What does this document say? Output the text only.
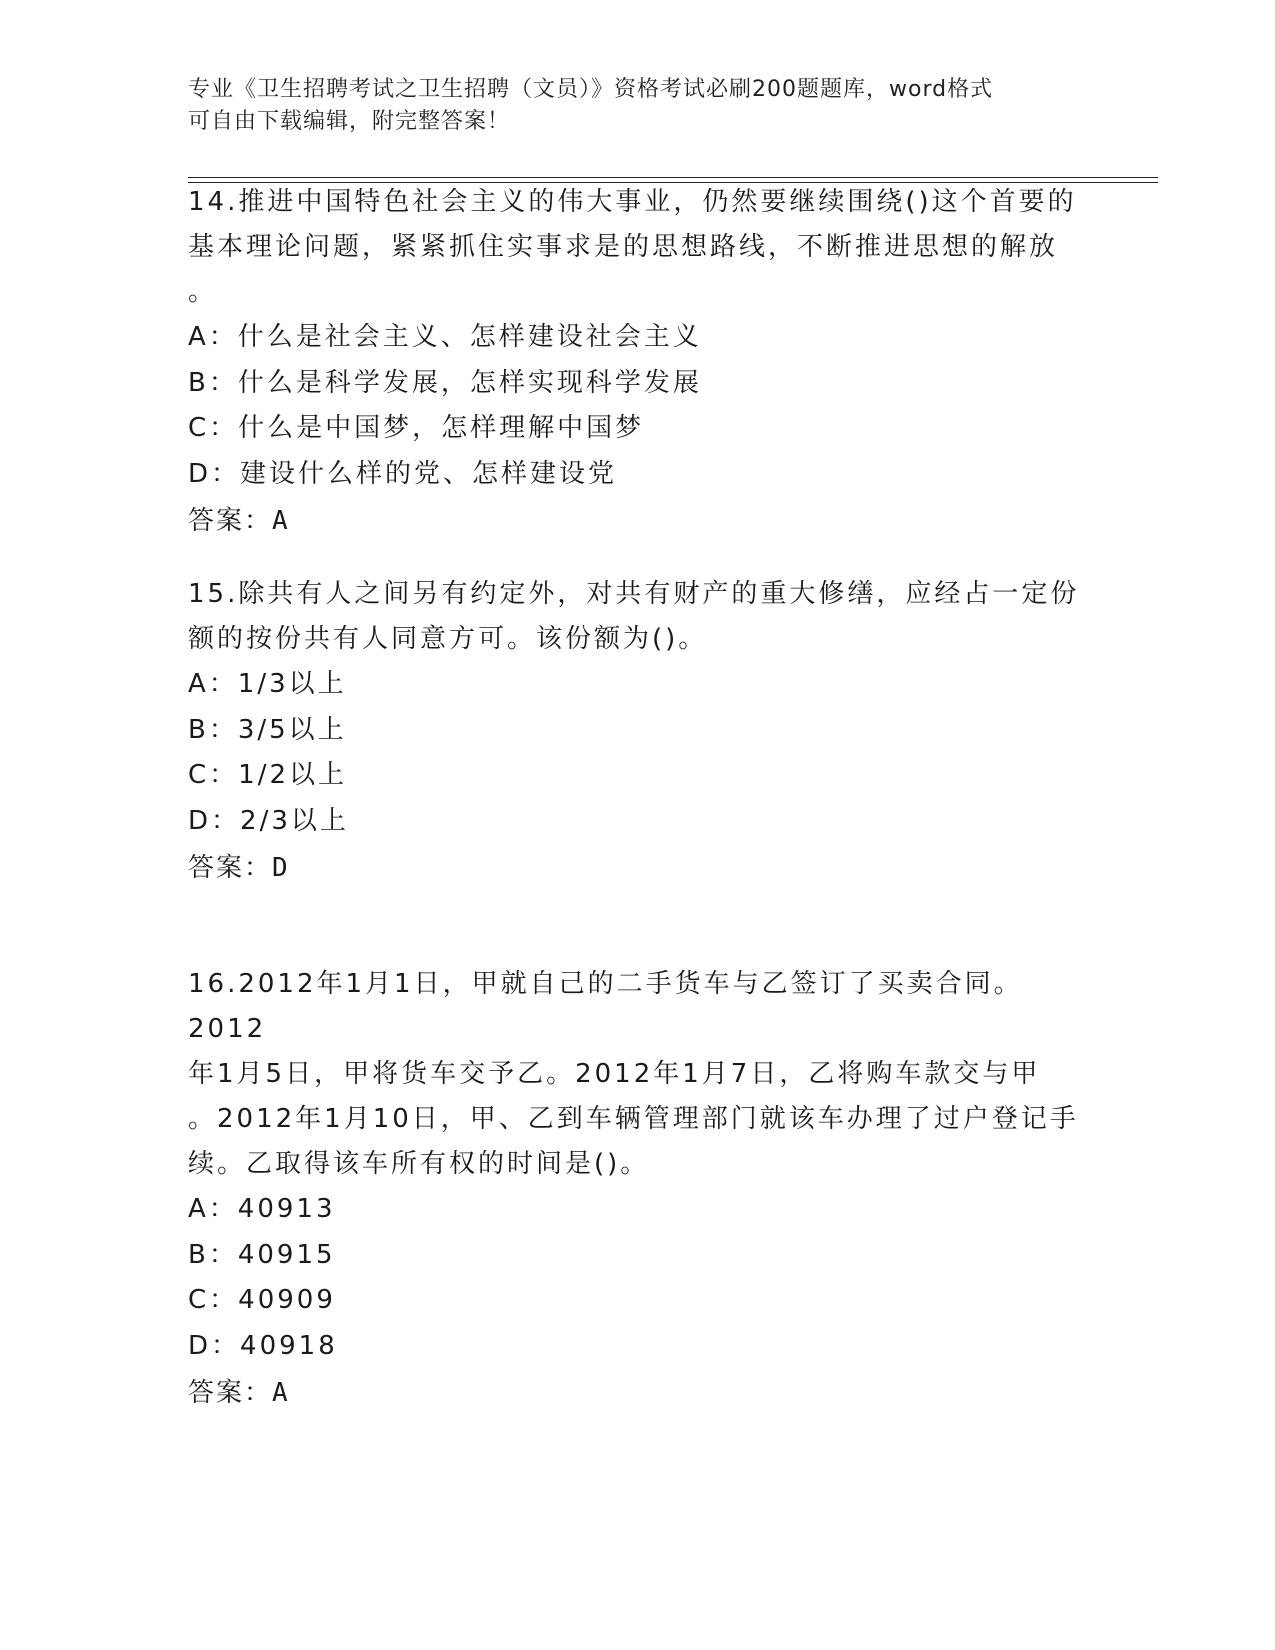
专业《卫生招聘考试之卫生招聘（文员）》资格考试必刷200题题库，word格式
可自由下载编辑，附完整答案！

14.推进中国特色社会主义的伟大事业，仍然要继续围绕()这个首要的

基本理论问题，紧紧抓住实事求是的思想路线，不断推进思想的解放

。

A：什么是社会主义、怎样建设社会主义

B：什么是科学发展，怎样实现科学发展

C：什么是中国梦，怎样理解中国梦

D：建设什么样的党、怎样建设党

答案：A

15.除共有人之间另有约定外，对共有财产的重大修缮，应经占一定份

额的按份共有人同意方可。该份额为()。

A：1/3以上

B：3/5以上

C：1/2以上

D：2/3以上

答案：D

16.2012年1月1日，甲就自己的二手货车与乙签订了买卖合同。2012

年1月5日，甲将货车交予乙。2012年1月7日，乙将购车款交与甲

。2012年1月10日，甲、乙到车辆管理部门就该车办理了过户登记手

续。乙取得该车所有权的时间是()。

A：40913

B：40915

C：40909

D：40918

答案：A
